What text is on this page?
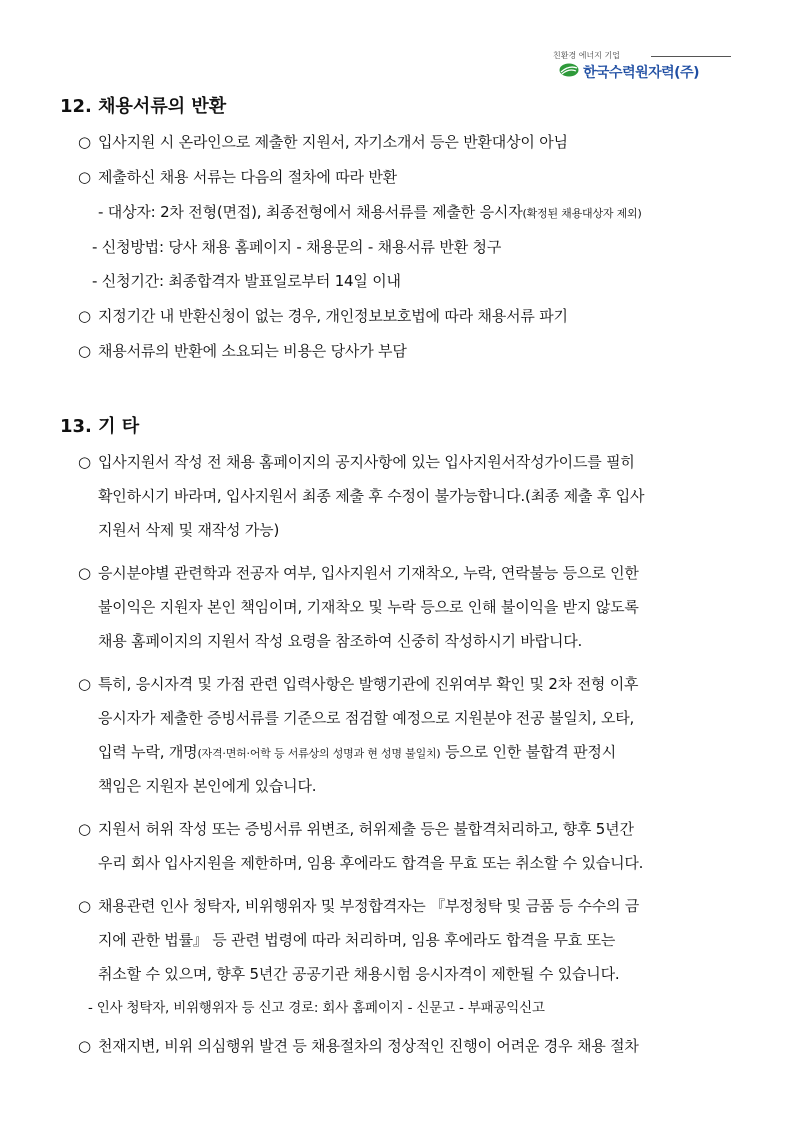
친환경 에너지 기업
한국수력원자력(주)
12. 채용서류의 반환
○ 입사지원 시 온라인으로 제출한 지원서, 자기소개서 등은 반환대상이 아님
○ 제출하신 채용 서류는 다음의 절차에 따라 반환
- 대상자: 2차 전형(면접), 최종전형에서 채용서류를 제출한 응시자(확정된 채용대상자 제외)
- 신청방법: 당사 채용 홈페이지 - 채용문의 - 채용서류 반환 청구
- 신청기간: 최종합격자 발표일로부터 14일 이내
○ 지정기간 내 반환신청이 없는 경우, 개인정보보호법에 따라 채용서류 파기
○ 채용서류의 반환에 소요되는 비용은 당사가 부담
13. 기 타
○ 입사지원서 작성 전 채용 홈페이지의 공지사항에 있는 입사지원서작성가이드를 필히
확인하시기 바라며, 입사지원서 최종 제출 후 수정이 불가능합니다.(최종 제출 후 입사
지원서 삭제 및 재작성 가능)
○ 응시분야별 관련학과 전공자 여부, 입사지원서 기재착오, 누락, 연락불능 등으로 인한
불이익은 지원자 본인 책임이며, 기재착오 및 누락 등으로 인해 불이익을 받지 않도록
채용 홈페이지의 지원서 작성 요령을 참조하여 신중히 작성하시기 바랍니다.
○ 특히, 응시자격 및 가점 관련 입력사항은 발행기관에 진위여부 확인 및 2차 전형 이후
응시자가 제출한 증빙서류를 기준으로 점검할 예정으로 지원분야 전공 불일치, 오타,
입력 누락, 개명(자격·면허·어학 등 서류상의 성명과 현 성명 불일치) 등으로 인한 불합격 판정시
책임은 지원자 본인에게 있습니다.
○ 지원서 허위 작성 또는 증빙서류 위변조, 허위제출 등은 불합격처리하고, 향후 5년간
우리 회사 입사지원을 제한하며, 임용 후에라도 합격을 무효 또는 취소할 수 있습니다.
○ 채용관련 인사 청탁자, 비위행위자 및 부정합격자는 『부정청탁 및 금품 등 수수의 금
지에 관한 법률』 등 관련 법령에 따라 처리하며, 임용 후에라도 합격을 무효 또는
취소할 수 있으며, 향후 5년간 공공기관 채용시험 응시자격이 제한될 수 있습니다.
- 인사 청탁자, 비위행위자 등 신고 경로: 회사 홈페이지 - 신문고 - 부패공익신고
○ 천재지변, 비위 의심행위 발견 등 채용절차의 정상적인 진행이 어려운 경우 채용 절차
